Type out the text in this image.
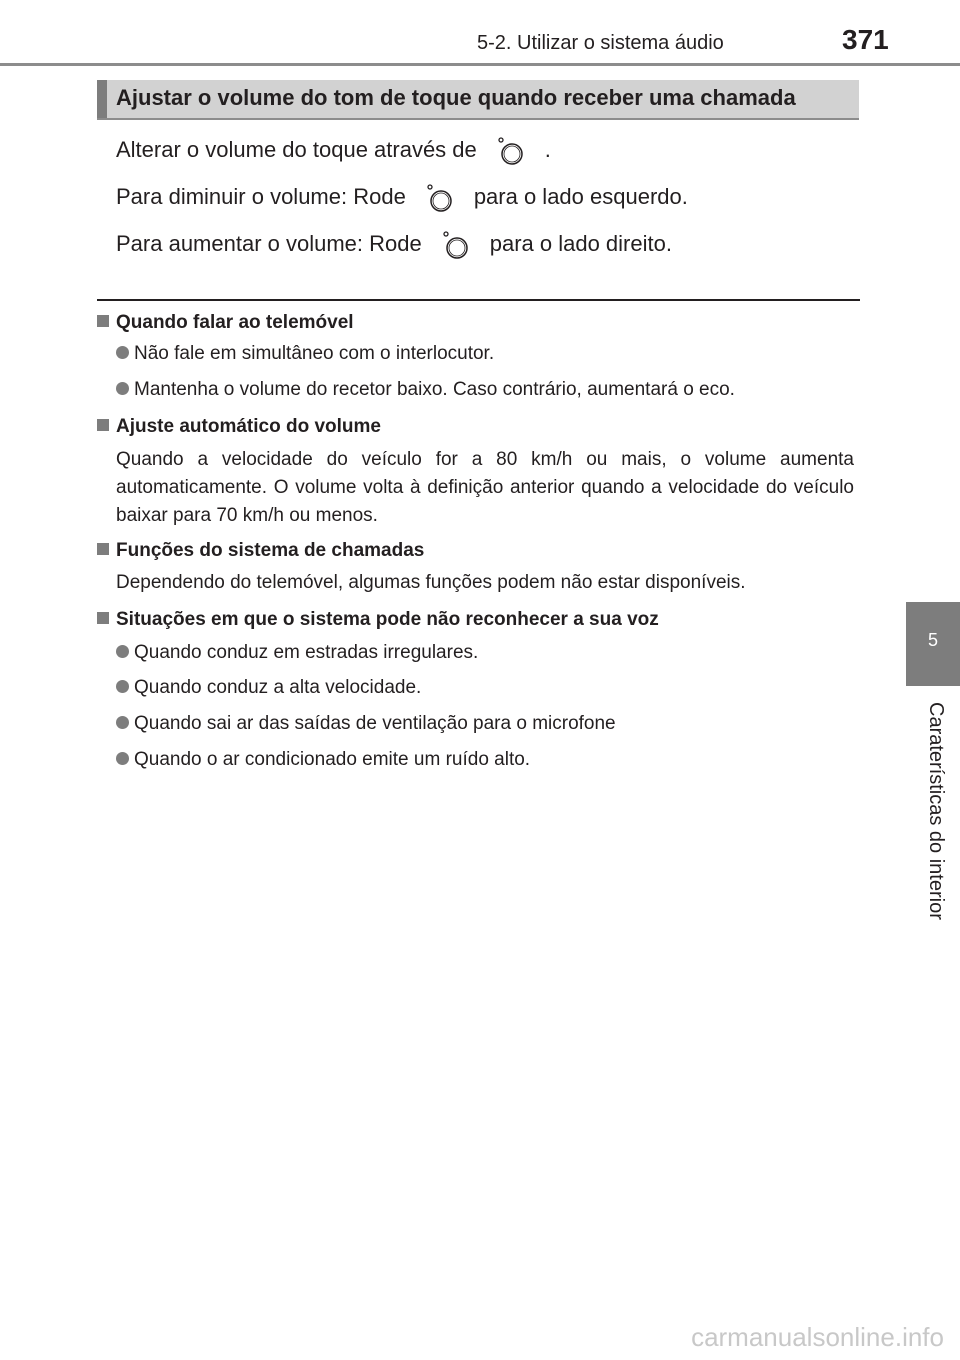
5-2. Utilizar o sistema áudio	371
5
Caraterísticas do interior
Ajustar o volume do tom de toque quando receber uma chamada
Alterar o volume do toque através de	.
Para diminuir o volume: Rode	para o lado esquerdo.
Para aumentar o volume: Rode	para o lado direito.
Quando falar ao telemóvel
Não fale em simultâneo com o interlocutor.
Mantenha o volume do recetor baixo. Caso contrário, aumentará o eco.
Ajuste automático do volume
Quando a velocidade do veículo for a 80 km/h ou mais, o volume aumenta automaticamente. O volume volta à definição anterior quando a velocidade do veículo baixar para 70 km/h ou menos.
Funções do sistema de chamadas
Dependendo do telemóvel, algumas funções podem não estar disponíveis.
Situações em que o sistema pode não reconhecer a sua voz
Quando conduz em estradas irregulares.
Quando conduz a alta velocidade.
Quando sai ar das saídas de ventilação para o microfone
Quando o ar condicionado emite um ruído alto.
carmanualsonline.info
